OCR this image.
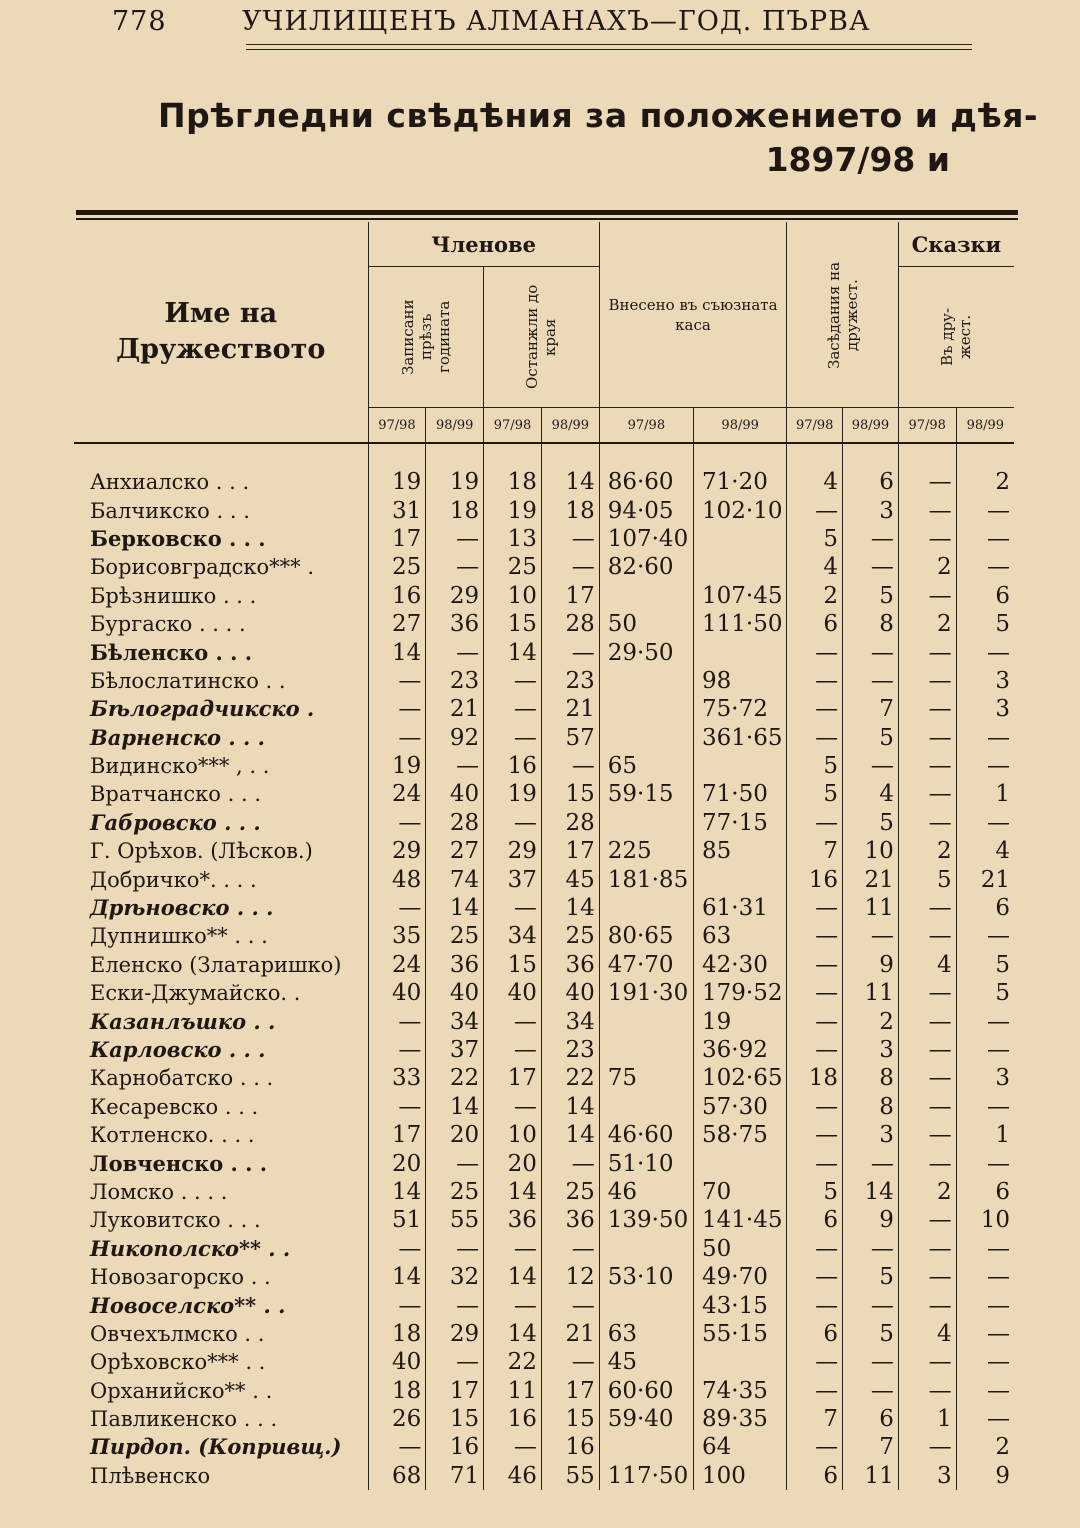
778	УЧИЛИЩЕНЪ АЛМАНАХЪ—ГОД. ПЪРВА
Прѣгледни свѣдѣния за положението и дѣя-
1897/98 и
Име на Дружеството	Членове				Внесено въ съюзната каса		Засѣдания на дружест.		Сказки	

	Записани прѣзъ годината		Останжли до края						Въ дру-жест.	

	97/98	98/99	97/98	98/99	97/98	98/99	97/98	98/99	97/98	98/99
Анхиалско . . .	19	19	18	14	86·60	71·20	4	6	—	2
Балчикско . . .	31	18	19	18	94·05	102·10	—	3	—	—
Берковско . . .	17	—	13	—	107·40		5	—	—	—
Борисовградско*** .	25	—	25	—	82·60		4	—	2	—
Брѣзнишко . . .	16	29	10	17		107·45	2	5	—	6
Бургаско . . . .	27	36	15	28	50	111·50	6	8	2	5
Бѣленско . . .	14	—	14	—	29·50		—	—	—	—
Бѣлослатинско . .	—	23	—	23		98	—	—	—	3
Бѣлоградчикско .	—	21	—	21		75·72	—	7	—	3
Варненско . . .	—	92	—	57		361·65	—	5	—	—
Видинско*** , . .	19	—	16	—	65		5	—	—	—
Вратчанско . . .	24	40	19	15	59·15	71·50	5	4	—	1
Габровско . . .	—	28	—	28		77·15	—	5	—	—
Г. Орѣхов. (Лѣсков.)	29	27	29	17	225	85	7	10	2	4
Добричко*. . . .	48	74	37	45	181·85		16	21	5	21
Дрѣновско . . .	—	14	—	14		61·31	—	11	—	6
Дупнишко** . . .	35	25	34	25	80·65	63	—	—	—	—
Еленско (Златаришко)	24	36	15	36	47·70	42·30	—	9	4	5
Ески-Джумайско. .	40	40	40	40	191·30	179·52	—	11	—	5
Казанлъшко . .	—	34	—	34		19	—	2	—	—
Карловско . . .	—	37	—	23		36·92	—	3	—	—
Карнобатско . . .	33	22	17	22	75	102·65	18	8	—	3
Кесаревско . . .	—	14	—	14		57·30	—	8	—	—
Котленско. . . .	17	20	10	14	46·60	58·75	—	3	—	1
Ловченско . . .	20	—	20	—	51·10		—	—	—	—
Ломско . . . .	14	25	14	25	46	70	5	14	2	6
Луковитско . . .	51	55	36	36	139·50	141·45	6	9	—	10
Никополско** . .	—	—	—	—		50	—	—	—	—
Новозагорско . .	14	32	14	12	53·10	49·70	—	5	—	—
Новоселско** . .	—	—	—	—		43·15	—	—	—	—
Овчехълмско . .	18	29	14	21	63	55·15	6	5	4	—
Орѣховско*** . .	40	—	22	—	45		—	—	—	—
Орханийско** . .	18	17	11	17	60·60	74·35	—	—	—	—
Павликенско . . .	26	15	16	15	59·40	89·35	7	6	1	—
Пирдоп. (Копривщ.)	—	16	—	16		64	—	7	—	2
Плѣвенско	68	71	46	55	117·50	100	6	11	3	9
